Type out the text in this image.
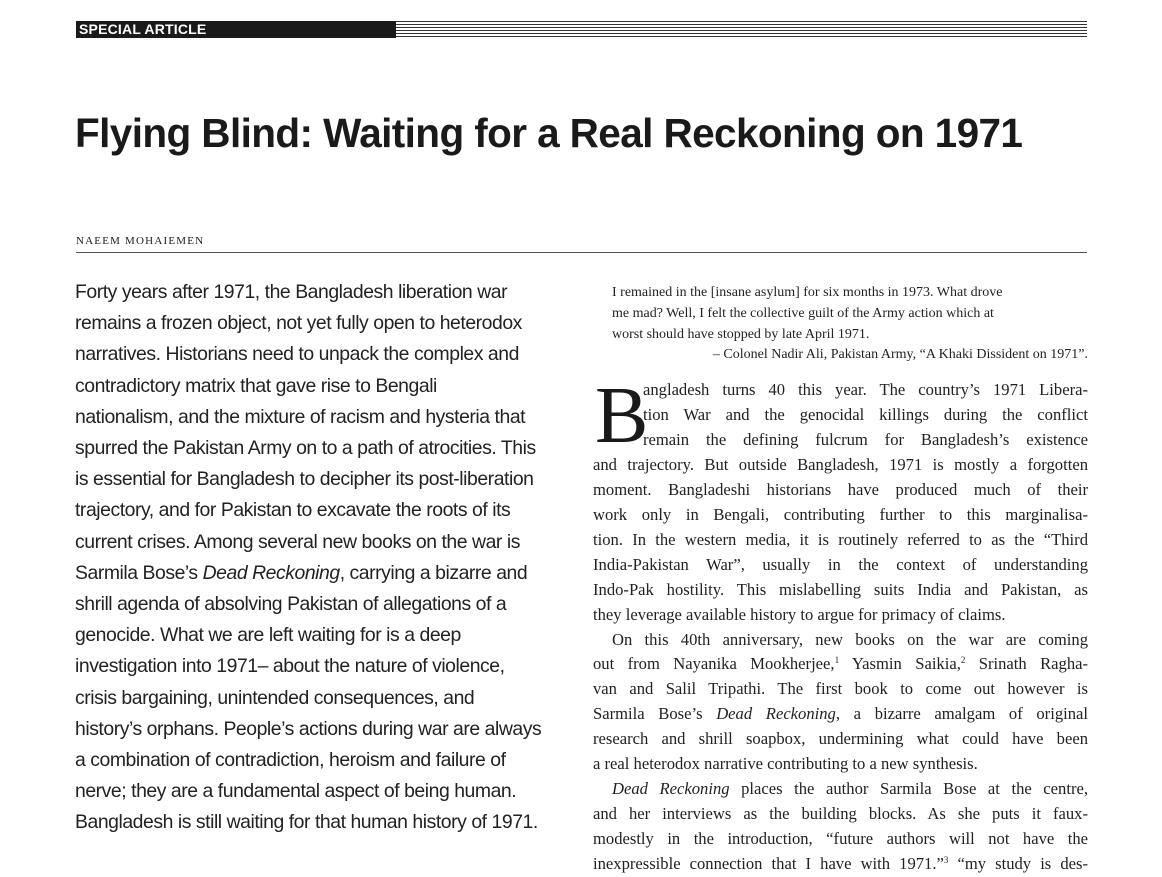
SPECIAL ARTICLE
Flying Blind: Waiting for a Real Reckoning on 1971
NAEEM MOHAIEMEN
Forty years after 1971, the Bangladesh liberation war
remains a frozen object, not yet fully open to heterodox
narratives. Historians need to unpack the complex and
contradictory matrix that gave rise to Bengali
nationalism, and the mixture of racism and hysteria that
spurred the Pakistan Army on to a path of atrocities. This
is essential for Bangladesh to decipher its post-liberation
trajectory, and for Pakistan to excavate the roots of its
current crises. Among several new books on the war is
Sarmila Bose’s Dead Reckoning, carrying a bizarre and
shrill agenda of absolving Pakistan of allegations of a
genocide. What we are left waiting for is a deep
investigation into 1971– about the nature of violence,
crisis bargaining, unintended consequences, and
history’s orphans. People’s actions during war are always
a combination of contradiction, heroism and failure of
nerve; they are a fundamental aspect of being human.
Bangladesh is still waiting for that human history of 1971.
I remained in the [insane asylum] for six months in 1973. What drove
me mad? Well, I felt the collective guilt of the Army action which at
worst should have stopped by late April 1971.
– Colonel Nadir Ali, Pakistan Army, “A Khaki Dissident on 1971”.
B
angladesh turns 40 this year. The country’s 1971 Libera-
tion War and the genocidal killings during the conflict
remain the defining fulcrum for Bangladesh’s existence
and trajectory. But outside Bangladesh, 1971 is mostly a forgotten
moment. Bangladeshi historians have produced much of their
work only in Bengali, contributing further to this marginalisa-
tion. In the western media, it is routinely referred to as the “Third
India-Pakistan War”, usually in the context of understanding
Indo-Pak hostility. This mislabelling suits India and Pakistan, as
they leverage available history to argue for primacy of claims.
On this 40th anniversary, new books on the war are coming
out from Nayanika Mookherjee,$^1$ Yasmin Saikia,$^2$ Srinath Ragha-
van and Salil Tripathi. The first book to come out however is
Sarmila Bose’s Dead Reckoning, a bizarre amalgam of original
research and shrill soapbox, undermining what could have been
a real heterodox narrative contributing to a new synthesis.
Dead Reckoning places the author Sarmila Bose at the centre,
and her interviews as the building blocks. As she puts it faux-
modestly in the introduction, “future authors will not have the
inexpressible connection that I have with 1971.”$^3$ “my study is des-
